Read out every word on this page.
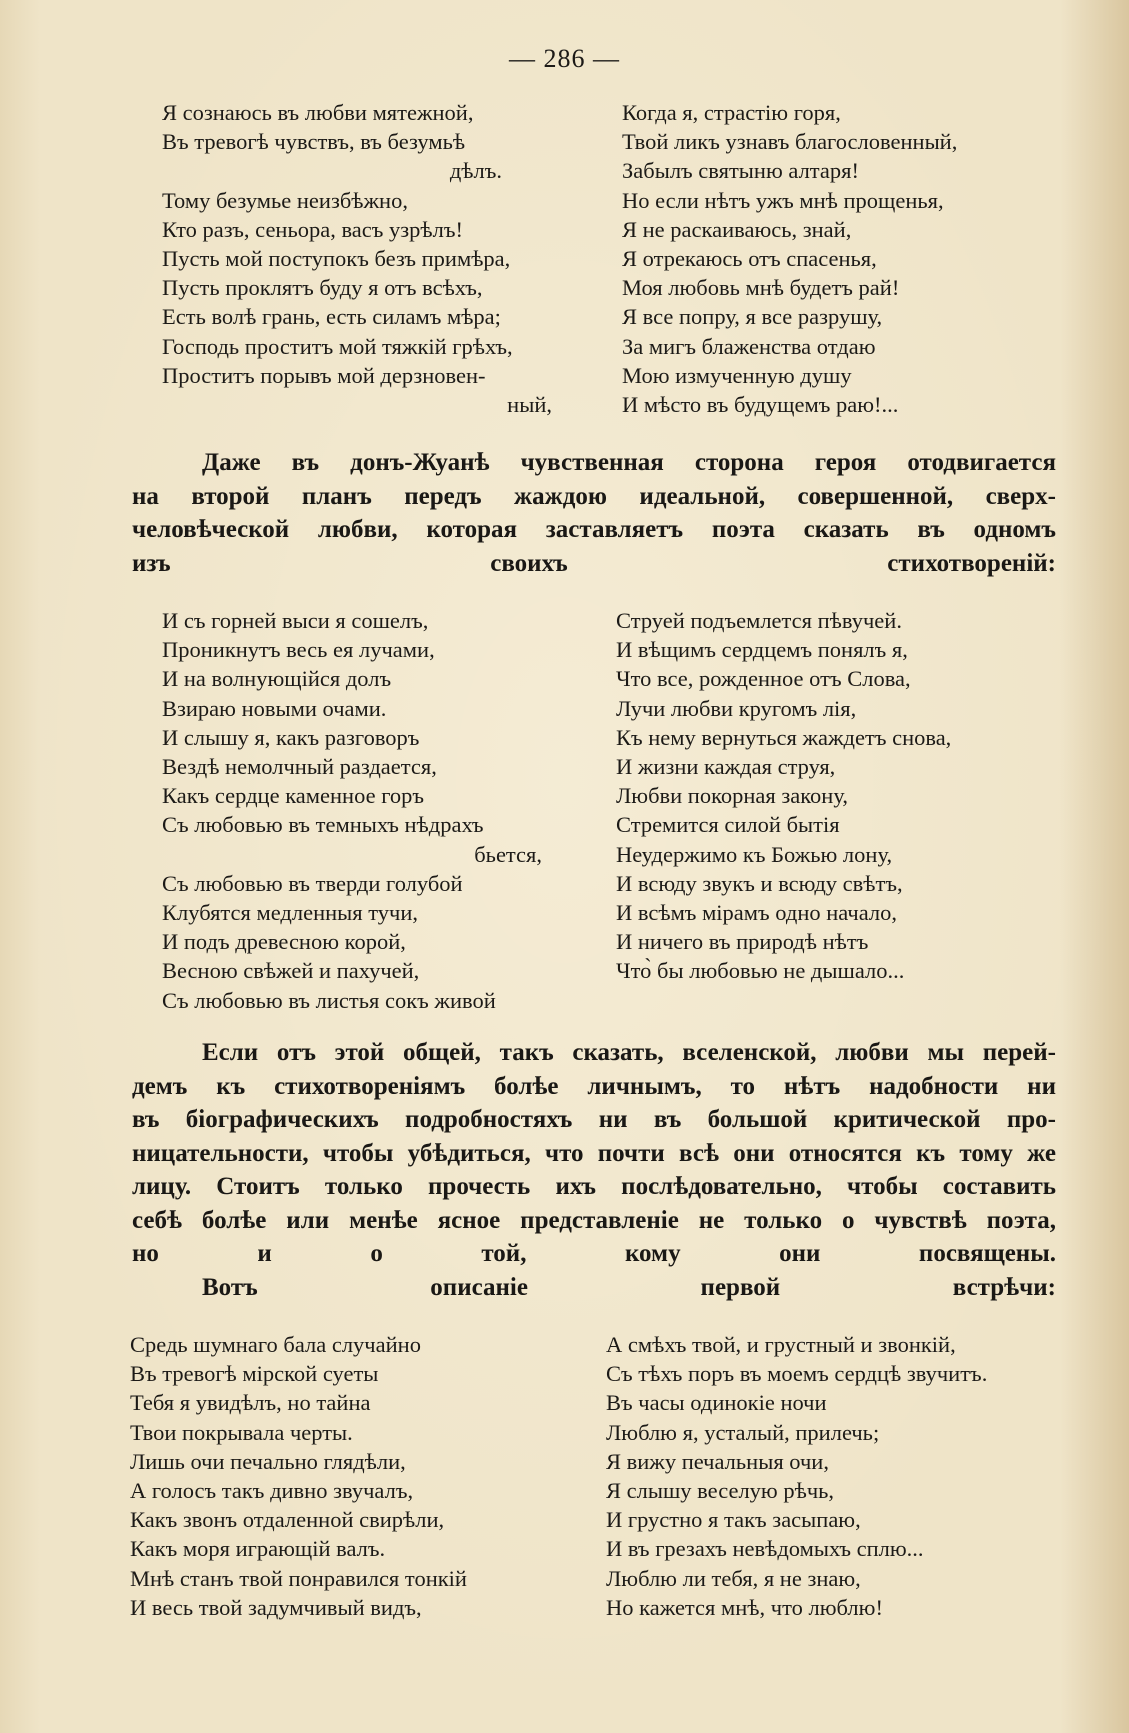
— 286 —
Я сознаюсь въ любви мятежной,
Въ тревогѣ чувствъ, въ безумьѣ
дѣлъ.
Тому безумье неизбѣжно,
Кто разъ, сеньора, васъ узрѣлъ!
Пусть мой поступокъ безъ примѣра,
Пусть проклятъ буду я отъ всѣхъ,
Есть волѣ грань, есть силамъ мѣра;
Господь проститъ мой тяжкій грѣхъ,
Проститъ порывъ мой дерзновен-
ный,
Когда я, страстію горя,
Твой ликъ узнавъ благословенный,
Забылъ святыню алтаря!
Но если нѣтъ ужъ мнѣ прощенья,
Я не раскаиваюсь, знай,
Я отрекаюсь отъ спасенья,
Моя любовь мнѣ будетъ рай!
Я все попру, я все разрушу,
За мигъ блаженства отдаю
Мою измученную душу
И мѣсто въ будущемъ раю!...

Даже въ донъ-Жуанѣ чувственная сторона героя отодвигается

на второй планъ передъ жаждою идеальной, совершенной, сверх-

человѣческой любви, которая заставляетъ поэта сказать въ одномъ

изъ своихъ стихотвореній:

И съ горней выси я сошелъ,
Проникнутъ весь ея лучами,
И на волнующійся долъ
Взираю новыми очами.
И слышу я, какъ разговоръ
Вездѣ немолчный раздается,
Какъ сердце каменное горъ
Съ любовью въ темныхъ нѣдрахъ
бьется,
Съ любовью въ тверди голубой
Клубятся медленныя тучи,
И подъ древесною корой,
Весною свѣжей и пахучей,
Съ любовью въ листья сокъ живой
Струей подъемлется пѣвучей.
И вѣщимъ сердцемъ понялъ я,
Что все, рожденное отъ Слова,
Лучи любви кругомъ лія,
Къ нему вернуться жаждетъ снова,
И жизни каждая струя,
Любви покорная закону,
Стремится силой бытія
Неудержимо къ Божью лону,
И всюду звукъ и всюду свѣтъ,
И всѣмъ мірамъ одно начало,
И ничего въ природѣ нѣтъ
Что̀ бы любовью не дышало...

Если отъ этой общей, такъ сказать, вселенской, любви мы перей-

демъ къ стихотвореніямъ болѣе личнымъ, то нѣтъ надобности ни

въ біографическихъ подробностяхъ ни въ большой критической про-

ницательности, чтобы убѣдиться, что почти всѣ они относятся къ тому же

лицу. Стоитъ только прочесть ихъ послѣдовательно, чтобы составить

себѣ болѣе или менѣе ясное представленіе не только о чувствѣ поэта,

но и о той, кому они посвящены.

Вотъ описаніе первой встрѣчи:

Средь шумнаго бала случайно
Въ тревогѣ мірской суеты
Тебя я увидѣлъ, но тайна
Твои покрывала черты.
Лишь очи печально глядѣли,
А голосъ такъ дивно звучалъ,
Какъ звонъ отдаленной свирѣли,
Какъ моря играющій валъ.
Мнѣ станъ твой понравился тонкій
И весь твой задумчивый видъ,
А смѣхъ твой, и грустный и звонкій,
Съ тѣхъ поръ въ моемъ сердцѣ звучитъ.
Въ часы одинокіе ночи
Люблю я, усталый, прилечь;
Я вижу печальныя очи,
Я слышу веселую рѣчь,
И грустно я такъ засыпаю,
И въ грезахъ невѣдомыхъ сплю...
Люблю ли тебя, я не знаю,
Но кажется мнѣ, что люблю!
